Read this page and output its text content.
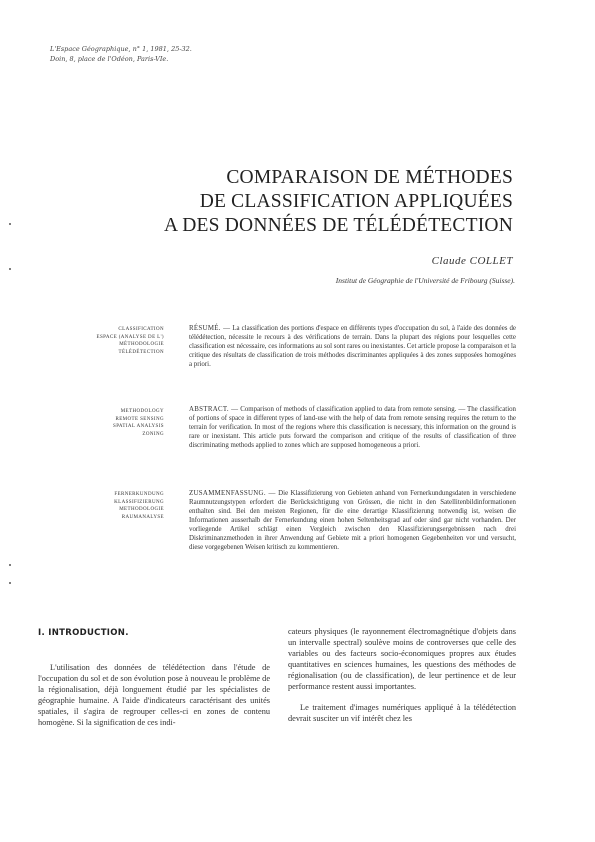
L'Espace Géographique, n° 1, 1981, 25-32.
Doin, 8, place de l'Odéon, Paris-VIe.
COMPARAISON DE MÉTHODES
DE CLASSIFICATION APPLIQUÉES
A DES DONNÉES DE TÉLÉDÉTECTION
Claude COLLET
Institut de Géographie de l'Université de Fribourg (Suisse).
CLASSIFICATION
ESPACE (ANALYSE DE L')
MÉTHODOLOGIE
TÉLÉDÉTECTION
RÉSUMÉ. — La classification des portions d'espace en différents types d'occupation du sol, à l'aide des données de télédétection, nécessite le recours à des vérifications de terrain. Dans la plupart des régions pour lesquelles cette classification est nécessaire, ces informations au sol sont rares ou inexistantes. Cet article propose la comparaison et la critique des résultats de classification de trois méthodes discriminantes appliquées à des zones supposées homogènes a priori.
METHODOLOGY
REMOTE SENSING
SPATIAL ANALYSIS
ZONING
ABSTRACT. — Comparison of methods of classification applied to data from remote sensing. — The classification of portions of space in different types of land-use with the help of data from remote sensing requires the return to the terrain for verification. In most of the regions where this classification is necessary, this information on the ground is rare or inexistant. This article puts forward the comparison and critique of the results of classification of three discriminating methods applied to zones which are supposed homogeneous a priori.
FERNERKUNDUNG
KLASSIFIZIERUNG
METHODOLOGIE
RAUMANALYSE
ZUSAMMENFASSUNG. — Die Klassifizierung von Gebieten anhand von Fernerkundungsdaten in verschiedene Raumnutzungstypen erfordert die Berücksichtigung von Grössen, die nicht in den Satellitenbildinformationen enthalten sind. Bei den meisten Regionen, für die eine derartige Klassifizierung notwendig ist, weisen die Informationen ausserhalb der Fernerkundung einen hohen Seltenheitsgrad auf oder sind gar nicht vorhanden. Der vorliegende Artikel schlägt einen Vergleich zwischen den Klassifizierungsergebnissen nach drei Diskriminanzmethoden in ihrer Anwendung auf Gebiete mit a priori homogenen Gegebenheiten vor und versucht, diese vorgegebenen Weisen kritisch zu kommentieren.
I. INTRODUCTION.

L'utilisation des données de télédétection dans l'étude de l'occupation du sol et de son évolution pose à nouveau le problème de la régionalisation, déjà longuement étudié par les spécialistes de géographie humaine. A l'aide d'indicateurs caractérisant des unités spatiales, il s'agira de regrouper celles-ci en zones de contenu homogène. Si la signification de ces indi-

cateurs physiques (le rayonnement électromagnétique d'objets dans un intervalle spectral) soulève moins de controverses que celle des variables ou des facteurs socio-économiques propres aux études quantitatives en sciences humaines, les questions des méthodes de régionalisation (ou de classification), de leur pertinence et de leur performance restent aussi importantes.

Le traitement d'images numériques appliqué à la télédétection devrait susciter un vif intérêt chez les
